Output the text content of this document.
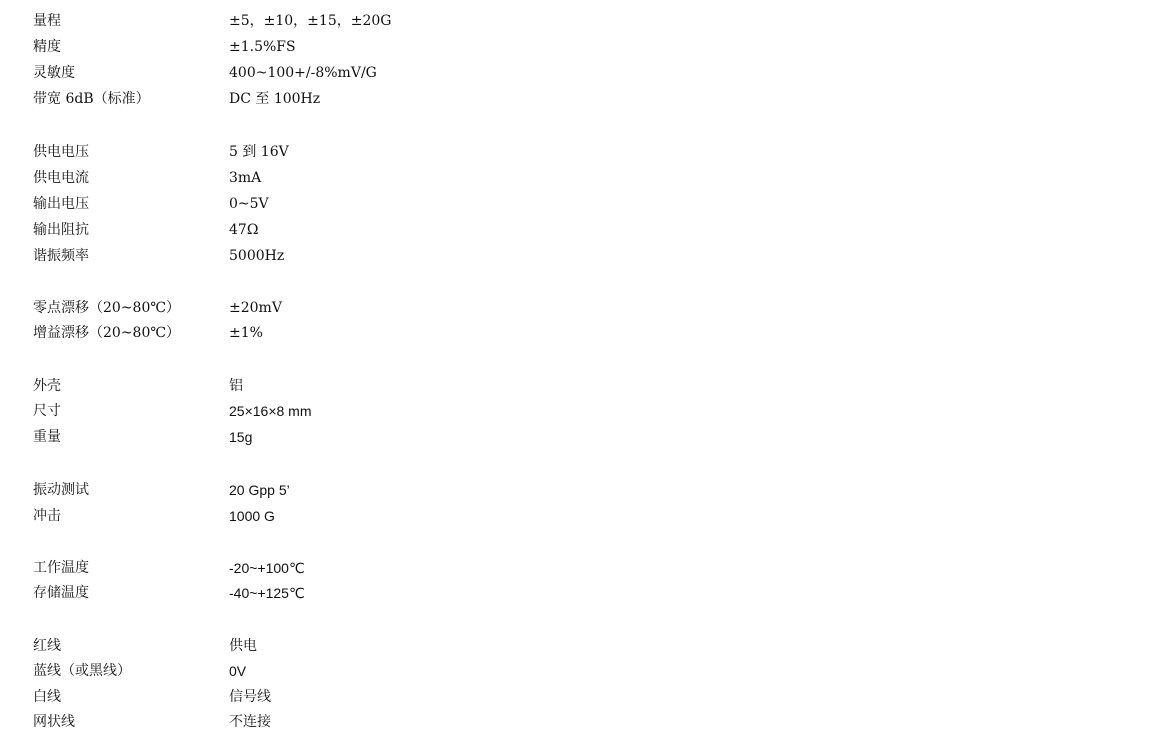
量程	±5，±10，±15，±20G
精度	±1.5%FS
灵敏度	400~100+/-8%mV/G
带宽 6dB（标准）	DC 至 100Hz
供电电压	5 到 16V
供电电流	3mA
输出电压	0~5V
输出阻抗	47Ω
谐振频率	5000Hz
零点漂移（20~80℃）	±20mV
增益漂移（20~80℃）	±1%
外壳	铝
尺寸	25×16×8 mm
重量	15g
振动测试	20 Gpp 5’
冲击	1000 G
工作温度	-20~+100℃
存储温度	-40~+125℃
红线	供电
蓝线（或黑线）	0V
白线	信号线
网状线	不连接
